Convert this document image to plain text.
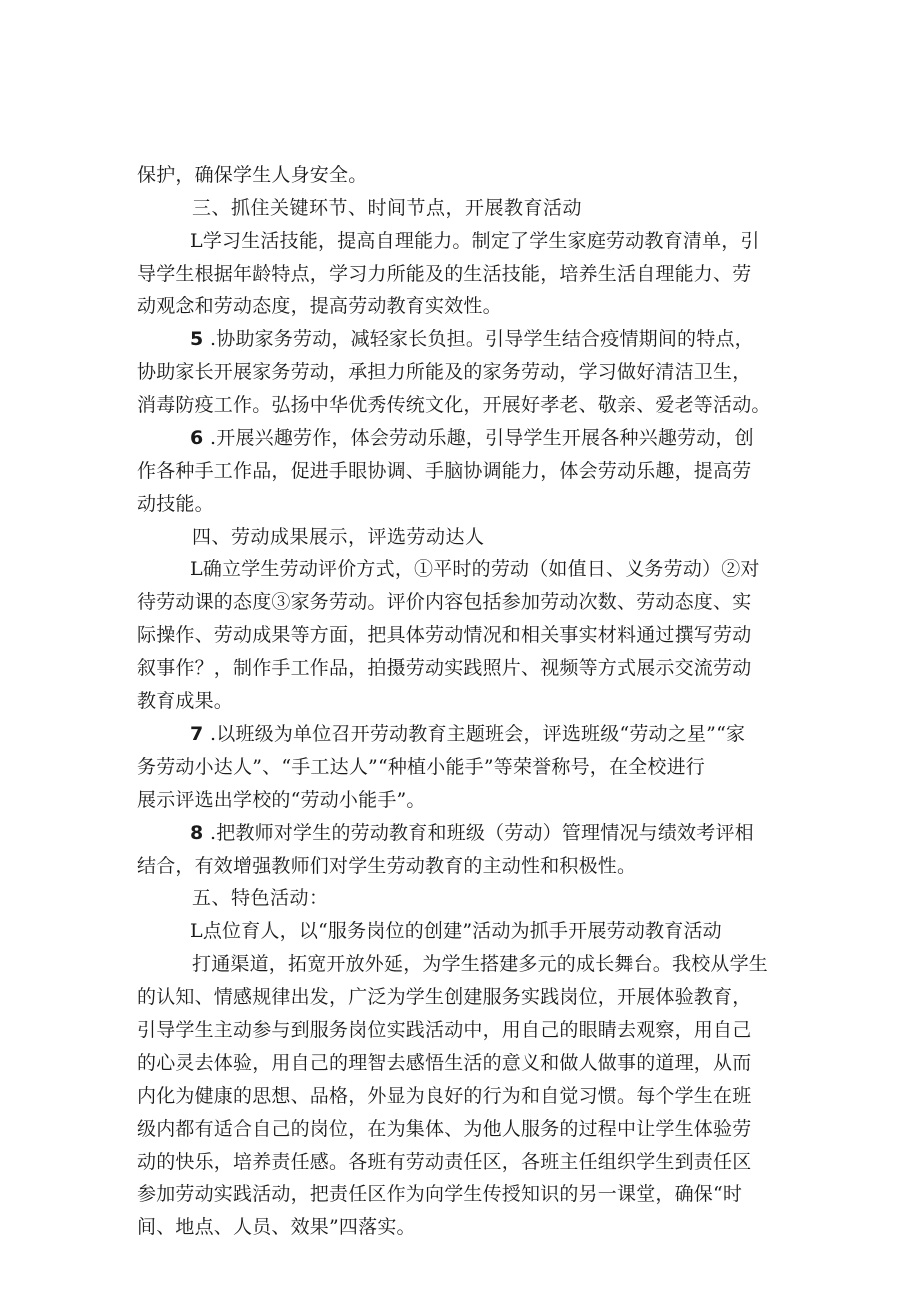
保护，确保学生人身安全。
三、抓住关键环节、时间节点，开展教育活动
L学习生活技能，提高自理能力。制定了学生家庭劳动教育清单，引
导学生根据年龄特点，学习力所能及的生活技能，培养生活自理能力、劳
动观念和劳动态度，提高劳动教育实效性。
5 .协助家务劳动，减轻家长负担。引导学生结合疫情期间的特点，
协助家长开展家务劳动，承担力所能及的家务劳动，学习做好清洁卫生，
消毒防疫工作。弘扬中华优秀传统文化，开展好孝老、敬亲、爱老等活动。
6 .开展兴趣劳作，体会劳动乐趣，引导学生开展各种兴趣劳动，创
作各种手工作品，促进手眼协调、手脑协调能力，体会劳动乐趣，提高劳
动技能。
四、劳动成果展示，评选劳动达人
L确立学生劳动评价方式，①平时的劳动（如值日、义务劳动）②对
待劳动课的态度③家务劳动。评价内容包括参加劳动次数、劳动态度、实
际操作、劳动成果等方面，把具体劳动情况和相关事实材料通过撰写劳动
叙事作？，制作手工作品，拍摄劳动实践照片、视频等方式展示交流劳动
教育成果。
7 .以班级为单位召开劳动教育主题班会，评选班级“劳动之星”“家
务劳动小达人”、“手工达人”“种植小能手”等荣誉称号，在全校进行
展示评选出学校的“劳动小能手”。
8 .把教师对学生的劳动教育和班级（劳动）管理情况与绩效考评相
结合，有效增强教师们对学生劳动教育的主动性和积极性。
五、特色活动：
L点位育人，以“服务岗位的创建”活动为抓手开展劳动教育活动
打通渠道，拓宽开放外延，为学生搭建多元的成长舞台。我校从学生
的认知、情感规律出发，广泛为学生创建服务实践岗位，开展体验教育，
引导学生主动参与到服务岗位实践活动中，用自己的眼睛去观察，用自己
的心灵去体验，用自己的理智去感悟生活的意义和做人做事的道理，从而
内化为健康的思想、品格，外显为良好的行为和自觉习惯。每个学生在班
级内都有适合自己的岗位，在为集体、为他人服务的过程中让学生体验劳
动的快乐，培养责任感。各班有劳动责任区，各班主任组织学生到责任区
参加劳动实践活动，把责任区作为向学生传授知识的另一课堂，确保“时
间、地点、人员、效果”四落实。
